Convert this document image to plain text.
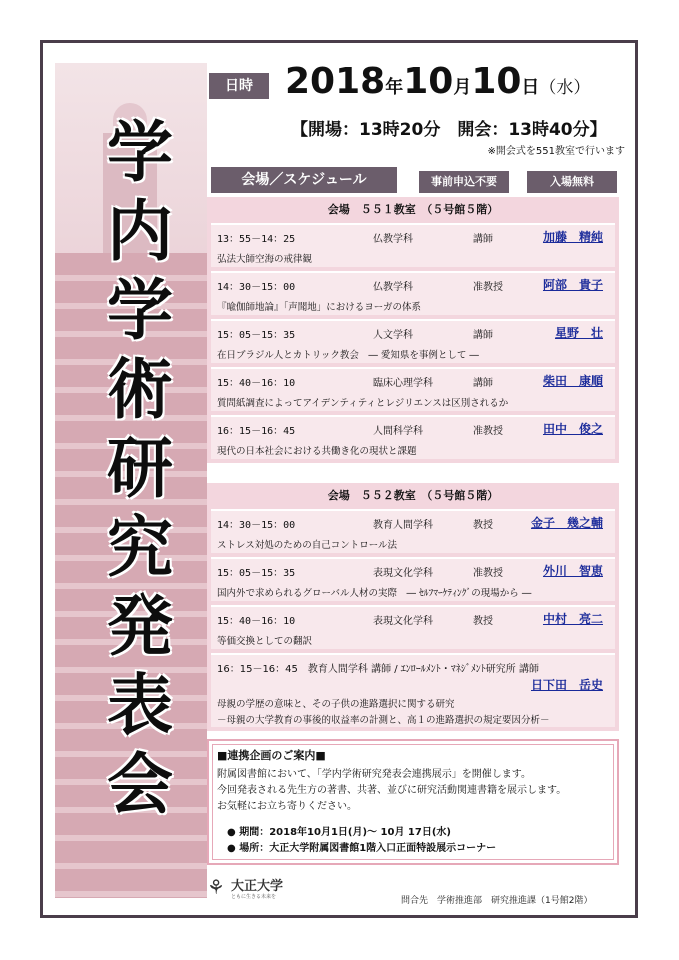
学
内
学
術
研
究
発
表
会
日時 2018年10月10日（水）
【開場：13時20分　開会：13時40分】
※開会式を551教室で行います
会場／スケジュール	事前申込不要	入場無料
会場　５５１教室　（５号館５階）
13：55－14：25	仏教学科	講師	加藤　精純
弘法大師空海の戒律観
14：30－15：00	仏教学科	准教授	阿部　貴子
『喩伽師地論』「声聞地」におけるヨーガの体系
15：05－15：35	人文学科	講師	星野　壮
在日ブラジル人とカトリック教会　― 愛知県を事例として ―
15：40－16：10	臨床心理学科	講師	柴田　康順
質問紙調査によってアイデンティティとレジリエンスは区別されるか
16：15－16：45	人間科学科	准教授	田中　俊之
現代の日本社会における共働き化の現状と課題
会場　５５２教室　（５号館５階）
14：30－15：00	教育人間学科	教授	金子　幾之輔
ストレス対処のための自己コントロール法
15：05－15：35	表現文化学科	准教授	外川　智恵
国内外で求められるグローバル人材の実際　― ｾﾙﾌﾏｰｹﾃｨﾝｸﾞの現場から ―
15：40－16：10	表現文化学科	教授	中村　亮二
等価交換としての翻訳
16：15－16：45　教育人間学科 講師 / ｴﾝﾛｰﾙﾒﾝﾄ・ﾏﾈｼﾞﾒﾝﾄ研究所 講師
日下田　岳史
母親の学歴の意味と、その子供の進路選択に関する研究
－母親の大学教育の事後的収益率の計測と、高１の進路選択の規定要因分析－
■連携企画のご案内■
附属図書館において、「学内学術研究発表会連携展示」を開催します。
今回発表される先生方の著書、共著、並びに研究活動関連書籍を展示します。
お気軽にお立ち寄りください。
● 期間：2018年10月1日(月)～ 10月 17日(水)
● 場所：大正大学附属図書館1階入口正面特設展示コーナー
⚘ 大正大学
ともに生きる未来を	問合先　学術推進部　研究推進課（1号館2階）
